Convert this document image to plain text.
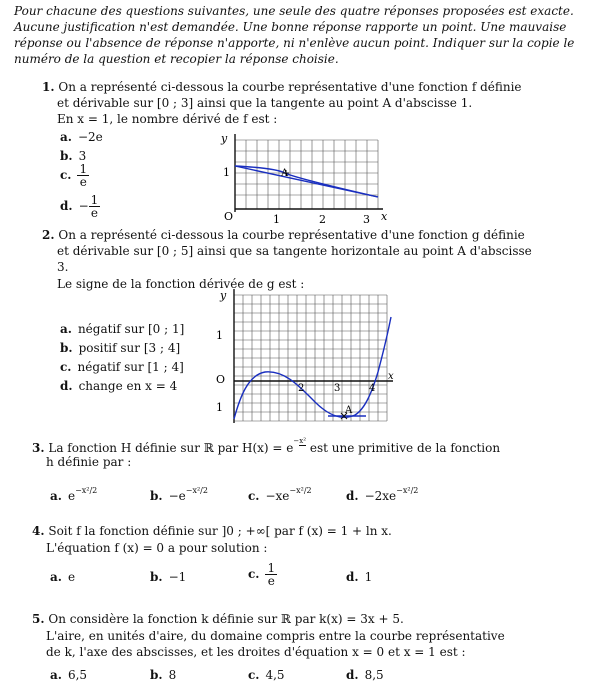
Pour chacune des questions suivantes, une seule des quatre réponses proposées est exacte. Aucune justification n'est demandée. Une bonne réponse rapporte un point. Une mauvaise réponse ou l'absence de réponse n'apporte, ni n'enlève aucun point. Indiquer sur la copie le numéro de la question et recopier la réponse choisie.
1. On a représenté ci-dessous la courbe représentative d'une fonction f définie
et dérivable sur [0 ; 3] ainsi que la tangente au point A d'abscisse 1.
En x = 1, le nombre dérivé de f est :
a. −2e
b. 3
c. $\frac{1}{e}$
d. − $\frac{1}{e}$
A
y
1
O	1	2	3 x
2. On a représenté ci-dessous la courbe représentative d'une fonction g définie
et dérivable sur [0 ; 5] ainsi que sa tangente horizontale au point A d'abscisse
3.
Le signe de la fonction dérivée de g est :
a. négatif sur [0 ; 1]
b. positif sur [3 ; 4]
c. négatif sur [1 ; 4]
d. change en x = 4
A
y
1
O
1
2	3	4
x
3. La fonction H définie sur ℝ par H(x) = e−x² est une primitive de la fonction
h définie par :
a. $e^{-x^2/2}$	b. $-e^{-x^2/2}$	c. $-xe^{-x^2/2}$	d. $-2xe^{-x^2/2}$
4. Soit f la fonction définie sur ]0 ; +∞[ par f (x) = 1 + ln x.
L'équation f (x) = 0 a pour solution :
a. e	b. −1	c. $\frac{1}{e}$	d. 1
5. On considère la fonction k définie sur ℝ par k(x) = 3x + 5.
L'aire, en unités d'aire, du domaine compris entre la courbe représentative
de k, l'axe des abscisses, et les droites d'équation x = 0 et x = 1 est :
a. 6,5	b. 8	c. 4,5	d. 8,5
